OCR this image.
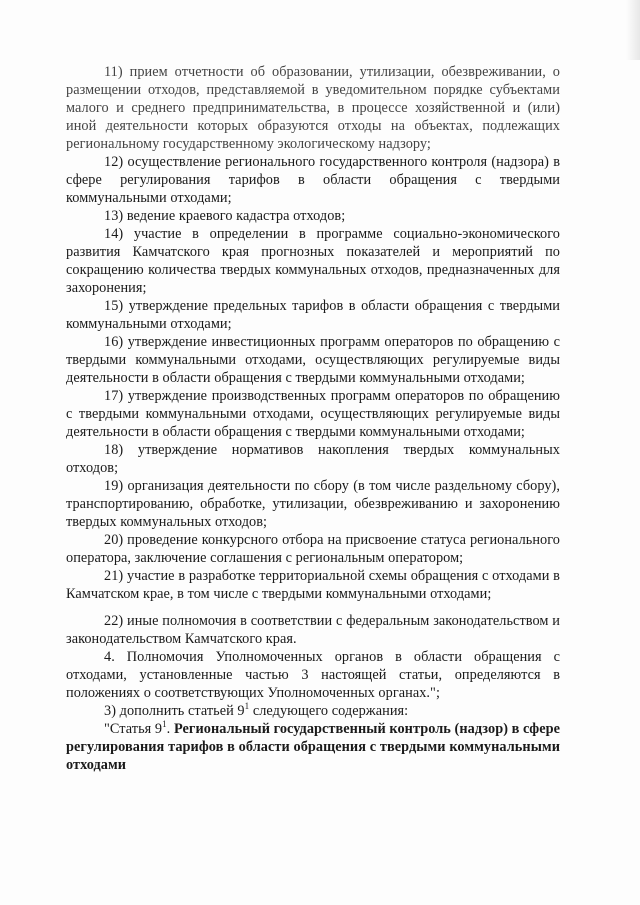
11) прием отчетности об образовании, утилизации, обезвреживании, о размещении отходов, представляемой в уведомительном порядке субъектами малого и среднего предпринимательства, в процессе хозяйственной и (или) иной деятельности которых образуются отходы на объектах, подлежащих региональному государственному экологическому надзору;

12) осуществление регионального государственного контроля (надзора) в сфере регулирования тарифов в области обращения с твердыми коммунальными отходами;

13) ведение краевого кадастра отходов;

14) участие в определении в программе социально-экономического развития Камчатского края прогнозных показателей и мероприятий по сокращению количества твердых коммунальных отходов, предназначенных для захоронения;

15) утверждение предельных тарифов в области обращения с твердыми коммунальными отходами;

16) утверждение инвестиционных программ операторов по обращению с твердыми коммунальными отходами, осуществляющих регулируемые виды деятельности в области обращения с твердыми коммунальными отходами;

17) утверждение производственных программ операторов по обращению с твердыми коммунальными отходами, осуществляющих регулируемые виды деятельности в области обращения с твердыми коммунальными отходами;

18) утверждение нормативов накопления твердых коммунальных отходов;

19) организация деятельности по сбору (в том числе раздельному сбору), транспортированию, обработке, утилизации, обезвреживанию и захоронению твердых коммунальных отходов;

20) проведение конкурсного отбора на присвоение статуса регионального оператора, заключение соглашения с региональным оператором;

21) участие в разработке территориальной схемы обращения с отходами в Камчатском крае, в том числе с твердыми коммунальными отходами;

22) иные полномочия в соответствии с федеральным законодательством и законодательством Камчатского края.

4. Полномочия Уполномоченных органов в области обращения с отходами, установленные частью 3 настоящей статьи, определяются в положениях о соответствующих Уполномоченных органах.";

3) дополнить статьей $9^1$ следующего содержания:

"Статья $9^1$. Региональный государственный контроль (надзор) в сфере регулирования тарифов в области обращения с твердыми коммунальными отходами
